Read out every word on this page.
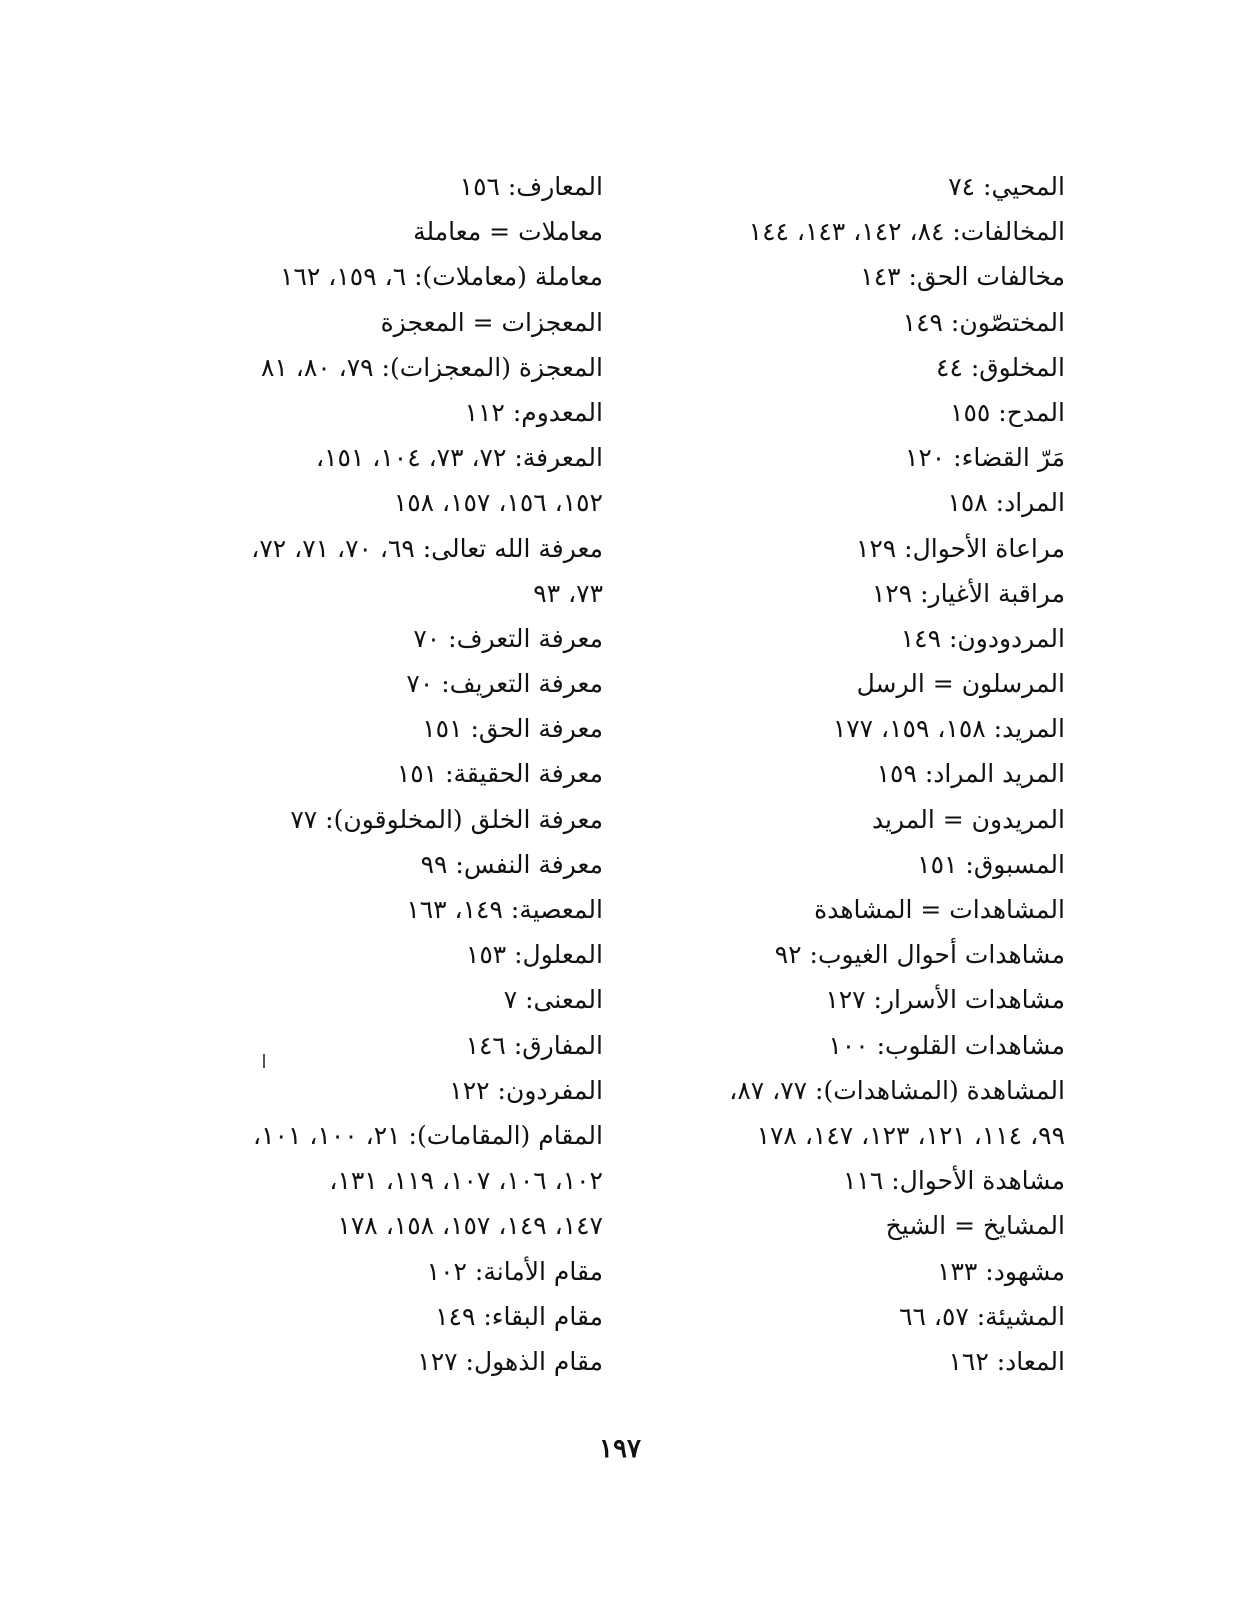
المحيي: ٧٤
المخالفات: ٨٤، ١٤٢، ١٤٣، ١٤٤
مخالفات الحق: ١٤٣
المختصّون: ١٤٩
المخلوق: ٤٤
المدح: ١٥٥
مَرّ القضاء: ١٢٠
المراد: ١٥٨
مراعاة الأحوال: ١٢٩
مراقبة الأغيار: ١٢٩
المردودون: ١٤٩
المرسلون = الرسل
المريد: ١٥٨، ١٥٩، ١٧٧
المريد المراد: ١٥٩
المريدون = المريد
المسبوق: ١٥١
المشاهدات = المشاهدة
مشاهدات أحوال الغيوب: ٩٢
مشاهدات الأسرار: ١٢٧
مشاهدات القلوب: ١٠٠
المشاهدة (المشاهدات): ٧٧، ٨٧،
٩٩، ١١٤، ١٢١، ١٢٣، ١٤٧، ١٧٨
مشاهدة الأحوال: ١١٦
المشايخ = الشيخ
مشهود: ١٣٣
المشيئة: ٥٧، ٦٦
المعاد: ١٦٢
المعارف: ١٥٦
معاملات = معاملة
معاملة (معاملات): ٦، ١٥٩، ١٦٢
المعجزات = المعجزة
المعجزة (المعجزات): ٧٩، ٨٠، ٨١
المعدوم: ١١٢
المعرفة: ٧٢، ٧٣، ١٠٤، ١٥١،
١٥٢، ١٥٦، ١٥٧، ١٥٨
معرفة الله تعالى: ٦٩، ٧٠، ٧١، ٧٢،
٧٣، ٩٣
معرفة التعرف: ٧٠
معرفة التعريف: ٧٠
معرفة الحق: ١٥١
معرفة الحقيقة: ١٥١
معرفة الخلق (المخلوقون): ٧٧
معرفة النفس: ٩٩
المعصية: ١٤٩، ١٦٣
المعلول: ١٥٣
المعنى: ٧
المفارق: ١٤٦
المفردون: ١٢٢
المقام (المقامات): ٢١، ١٠٠، ١٠١،
١٠٢، ١٠٦، ١٠٧، ١١٩، ١٣١،
١٤٧، ١٤٩، ١٥٧، ١٥٨، ١٧٨
مقام الأمانة: ١٠٢
مقام البقاء: ١٤٩
مقام الذهول: ١٢٧
١٩٧
